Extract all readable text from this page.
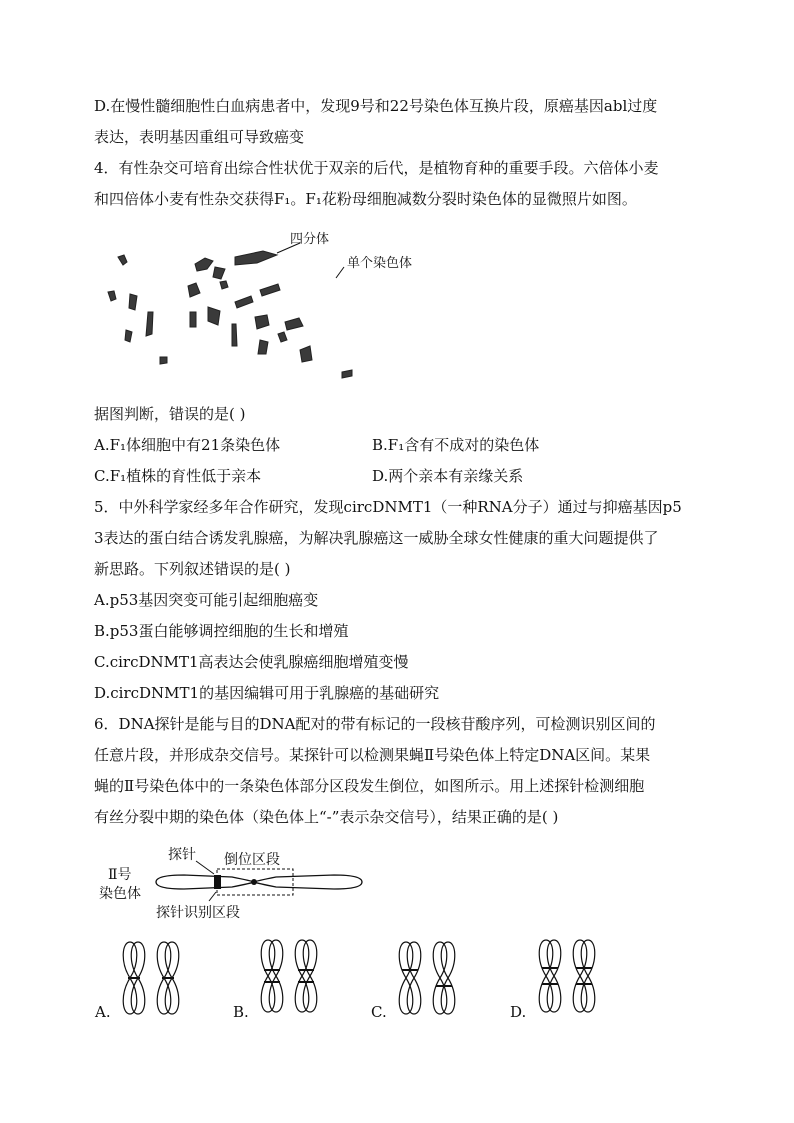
D.在慢性髓细胞性白血病患者中，发现9号和22号染色体互换片段，原癌基因abl过度
表达，表明基因重组可导致癌变
4．有性杂交可培育出综合性状优于双亲的后代，是植物育种的重要手段。六倍体小麦
和四倍体小麦有性杂交获得F₁。F₁花粉母细胞减数分裂时染色体的显微照片如图。
四分体
单个染色体
据图判断，错误的是( )
A.F₁体细胞中有21条染色体	B.F₁含有不成对的染色体
C.F₁植株的育性低于亲本	D.两个亲本有亲缘关系
5．中外科学家经多年合作研究，发现circDNMT1（一种RNA分子）通过与抑癌基因p5
3表达的蛋白结合诱发乳腺癌，为解决乳腺癌这一威胁全球女性健康的重大问题提供了
新思路。下列叙述错误的是( )
A.p53基因突变可能引起细胞癌变
B.p53蛋白能够调控细胞的生长和增殖
C.circDNMT1高表达会使乳腺癌细胞增殖变慢
D.circDNMT1的基因编辑可用于乳腺癌的基础研究
6．DNA探针是能与目的DNA配对的带有标记的一段核苷酸序列，可检测识别区间的
任意片段，并形成杂交信号。某探针可以检测果蝇Ⅱ号染色体上特定DNA区间。某果
蝇的Ⅱ号染色体中的一条染色体部分区段发生倒位，如图所示。用上述探针检测细胞
有丝分裂中期的染色体（染色体上“-”表示杂交信号），结果正确的是( )
Ⅱ号
染色体
探针 倒位区段
探针识别区段
A.	B.	C.	D.
